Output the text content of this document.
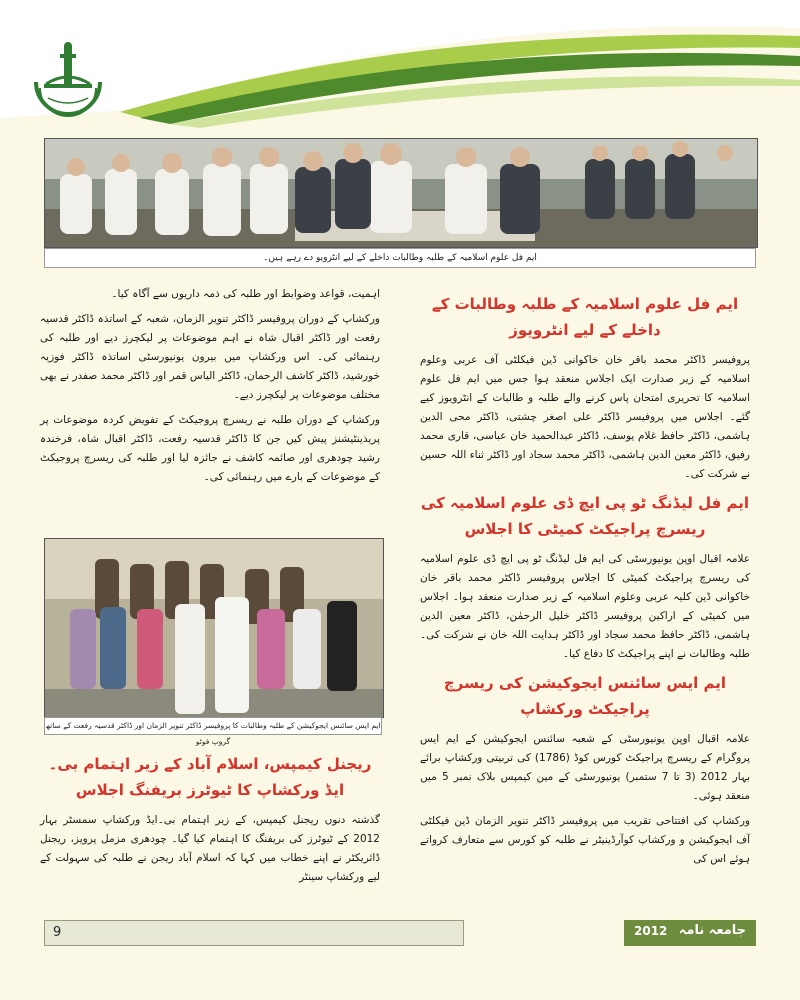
ایم فل علوم اسلامیہ کے طلبہ وطالبات داخلے کے لیے انٹرویو دے رہے ہیں۔
ایم فل علوم اسلامیہ کے طلبہ وطالبات کے داخلے کے لیے انٹرویوز

پروفیسر ڈاکٹر محمد باقر خان خاکوانی ڈین فیکلٹی آف عربی وعلوم اسلامیہ کے زیر صدارت ایک اجلاس منعقد ہوا جس میں ایم فل علوم اسلامیہ کا تحریری امتحان پاس کرنے والے طلبہ و طالبات کے انٹرویوز کیے گئے۔ اجلاس میں پروفیسر ڈاکٹر علی اصغر چشتی، ڈاکٹر محی الدین ہاشمی، ڈاکٹر حافظ غلام یوسف، ڈاکٹر عبدالحمید خان عباسی، قاری محمد رفیق، ڈاکٹر معین الدین ہاشمی، ڈاکٹر محمد سجاد اور ڈاکٹر ثناء اللہ حسین نے شرکت کی۔

ایم فل لیڈنگ ٹو پی ایچ ڈی علوم اسلامیہ کی ریسرچ پراجیکٹ کمیٹی کا اجلاس

علامہ اقبال اوپن یونیورسٹی کی ایم فل لیڈنگ ٹو پی ایچ ڈی علوم اسلامیہ کی ریسرچ پراجیکٹ کمیٹی کا اجلاس پروفیسر ڈاکٹر محمد باقر خان خاکوانی ڈین کلیہ عربی وعلوم اسلامیہ کے زیر صدارت منعقد ہوا۔ اجلاس میں کمیٹی کے اراکین پروفیسر ڈاکٹر خلیل الرحمٰن، ڈاکٹر معین الدین ہاشمی، ڈاکٹر حافظ محمد سجاد اور ڈاکٹر ہدایت اللہ خان نے شرکت کی۔ طلبہ وطالبات نے اپنے پراجیکٹ کا دفاع کیا۔

ایم ایس سائنس ایجوکیشن کی ریسرچ پراجیکٹ ورکشاپ

علامہ اقبال اوپن یونیورسٹی کے شعبہ سائنس ایجوکیشن کے ایم ایس پروگرام کے ریسرچ پراجیکٹ کورس کوڈ (1786) کی تربیتی ورکشاپ برائے بہار 2012 (3 تا 7 ستمبر) یونیورسٹی کے مین کیمپس بلاک نمبر 5 میں منعقد ہوئی۔

ورکشاپ کی افتتاحی تقریب میں پروفیسر ڈاکٹر تنویر الزمان ڈین فیکلٹی آف ایجوکیشن و ورکشاپ کوآرڈینیٹر نے طلبہ کو کورس سے متعارف کرواتے ہوئے اس کی

اہمیت، قواعد وضوابط اور طلبہ کی ذمہ داریوں سے آگاہ کیا۔

ورکشاپ کے دوران پروفیسر ڈاکٹر تنویر الزمان، شعبہ کے اساتذہ ڈاکٹر قدسیہ رفعت اور ڈاکٹر اقبال شاہ نے اہم موضوعات پر لیکچرز دیے اور طلبہ کی رہنمائی کی۔ اس ورکشاپ میں بیرون یونیورسٹی اساتذہ ڈاکٹر فوزیہ خورشید، ڈاکٹر کاشف الرحمان، ڈاکٹر الیاس قمر اور ڈاکٹر محمد صفدر نے بھی مختلف موضوعات پر لیکچرز دیے۔

ورکشاپ کے دوران طلبہ نے ریسرچ پروجیکٹ کے تفویض کردہ موضوعات پر پریذینٹیشنز پیش کیں جن کا ڈاکٹر قدسیہ رفعت، ڈاکٹر اقبال شاہ، فرخندہ رشید چودھری اور صائمہ کاشف نے جائزہ لیا اور طلبہ کی ریسرچ پروجیکٹ کے موضوعات کے بارے میں رہنمائی کی۔

ایم ایس سائنس ایجوکیشن کے طلبہ وطالبات کا پروفیسر ڈاکٹر تنویر الزمان اور ڈاکٹر قدسیہ رفعت کے ساتھ گروپ فوٹو
ریجنل کیمپس، اسلام آباد کے زیر اہتمام بی۔ایڈ ورکشاپ کا ٹیوٹرز بریفنگ اجلاس

گذشتہ دنوں ریجنل کیمپس، کے زیر اہتمام بی۔ایڈ ورکشاپ سمسٹر بہار 2012 کے ٹیوٹرز کی بریفنگ کا اہتمام کیا گیا۔ چودھری مزمل پرویز، ریجنل ڈائریکٹر نے اپنے خطاب میں کہا کہ اسلام آباد ریجن نے طلبہ کی سہولت کے لیے ورکشاپ سینٹر

9	2012 جامعہ نامہ
